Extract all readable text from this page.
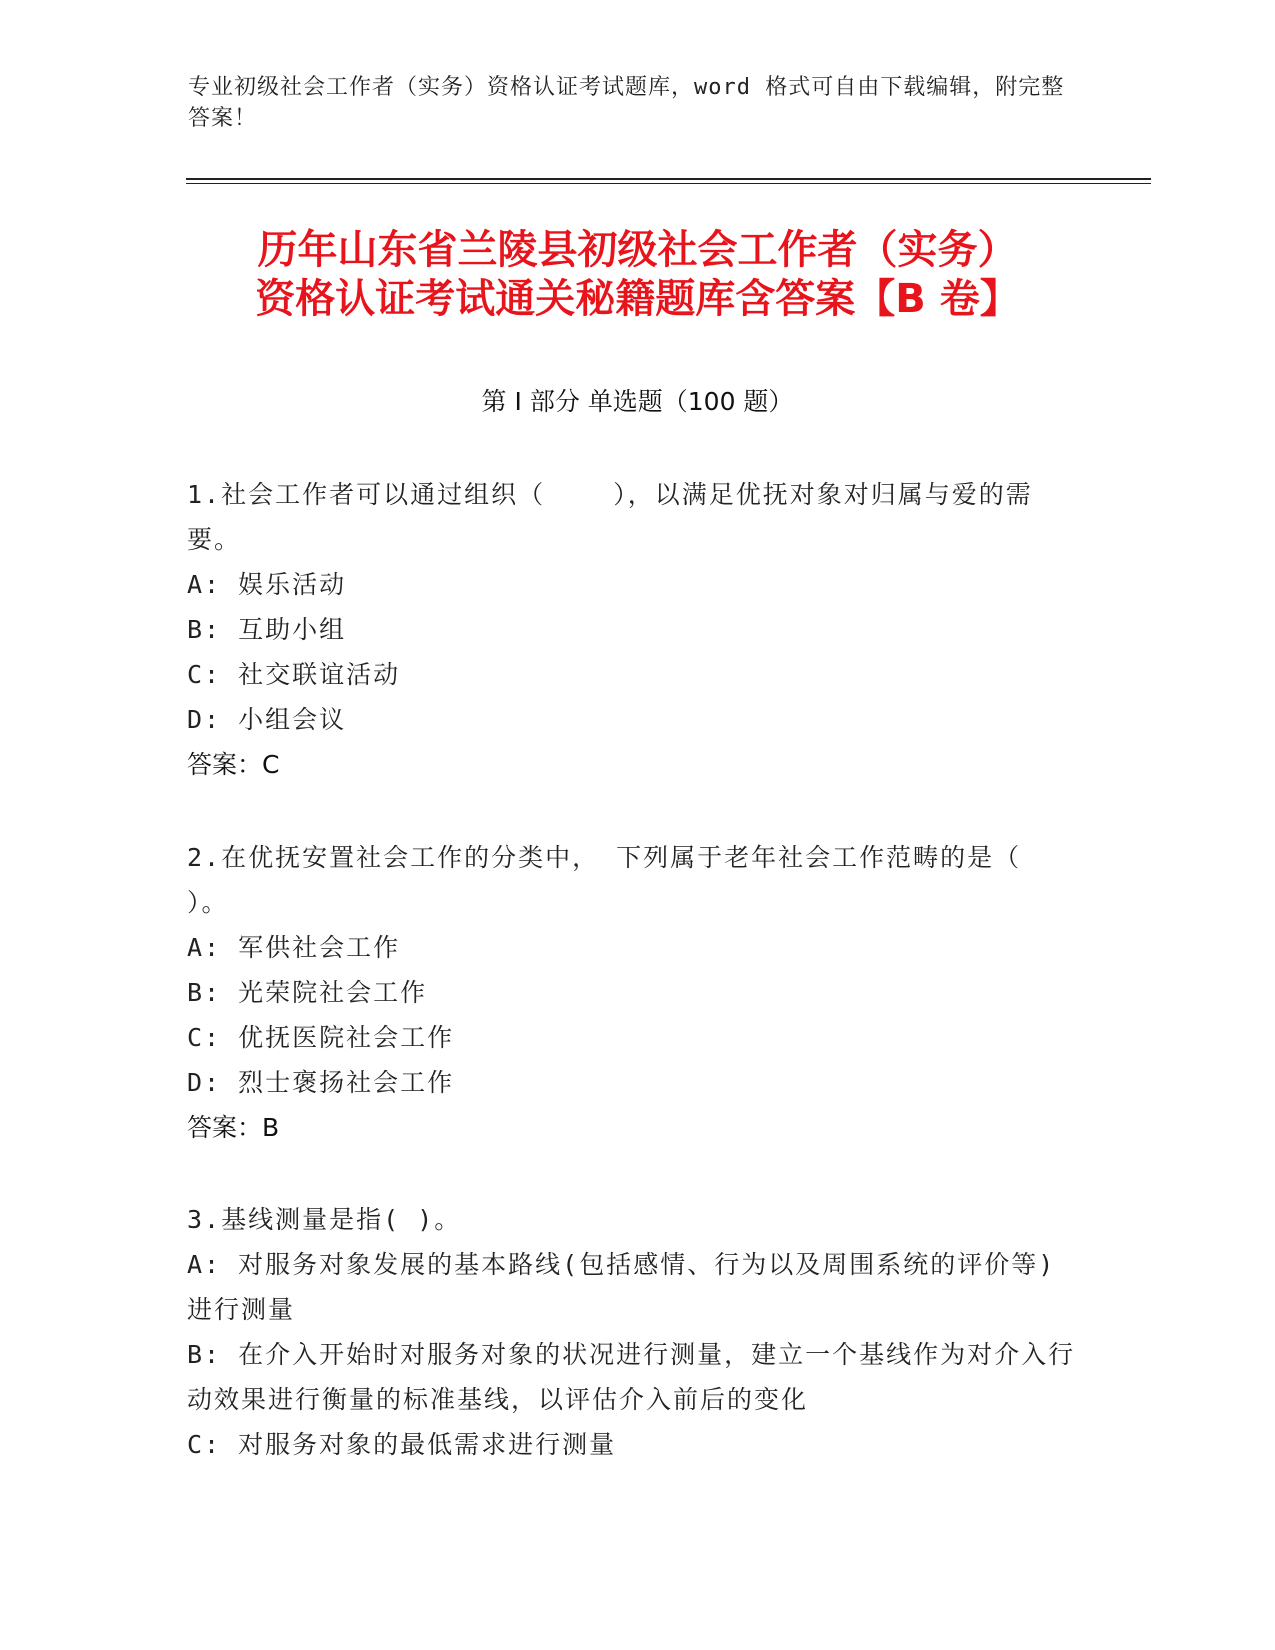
专业初级社会工作者（实务）资格认证考试题库，word 格式可自由下载编辑，附完整答案！
历年山东省兰陵县初级社会工作者（实务）
资格认证考试通关秘籍题库含答案【B 卷】
第 I 部分 单选题（100 题）
1.社会工作者可以通过组织（    ），以满足优抚对象对归属与爱的需要。
A: 娱乐活动
B: 互助小组
C: 社交联谊活动
D: 小组会议
答案：C
2.在优抚安置社会工作的分类中， 下列属于老年社会工作范畴的是（ ）。
A: 军供社会工作
B: 光荣院社会工作
C: 优抚医院社会工作
D: 烈士褒扬社会工作
答案：B
3.基线测量是指( )。
A: 对服务对象发展的基本路线(包括感情、行为以及周围系统的评价等)进行测量
B: 在介入开始时对服务对象的状况进行测量，建立一个基线作为对介入行动效果进行衡量的标准基线，以评估介入前后的变化
C: 对服务对象的最低需求进行测量
